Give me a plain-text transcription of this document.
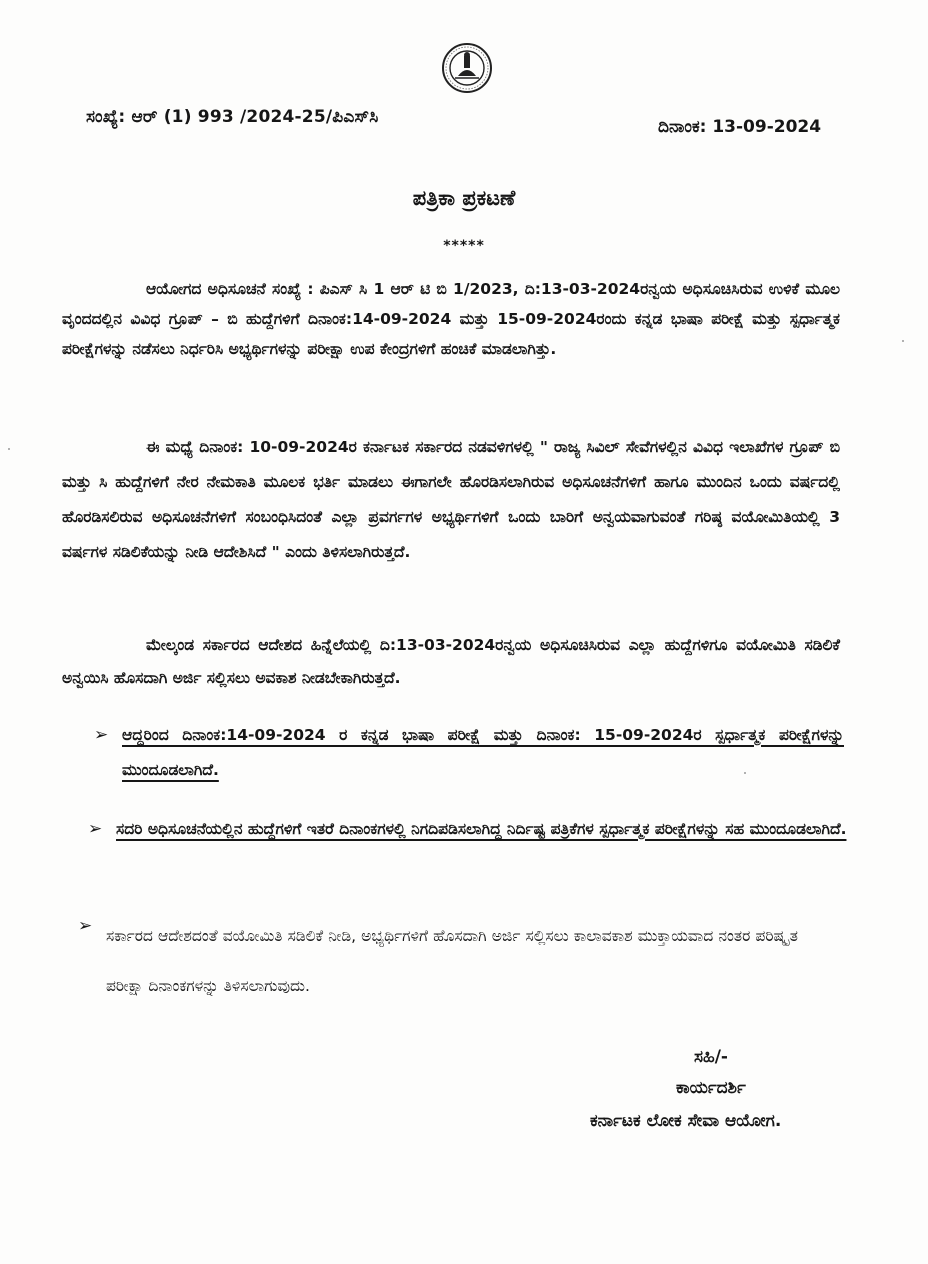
ಸಂಖ್ಯೆ: ಆರ್ (1) 993 /2024-25/ಪಿಎಸ್‌ಸಿ	ದಿನಾಂಕ: 13-09-2024
ಪತ್ರಿಕಾ ಪ್ರಕಟಣೆ
*****
ಆಯೋಗದ ಅಧಿಸೂಚನೆ ಸಂಖ್ಯೆ : ಪಿಎಸ್ ಸಿ 1 ಆರ್ ಟಿ ಬಿ 1/2023, ದಿ:13-03-2024ರನ್ವಯ ಅಧಿಸೂಚಿಸಿರುವ ಉಳಿಕೆ ಮೂಲ ವೃಂದದಲ್ಲಿನ ವಿವಿಧ ಗ್ರೂಪ್ – ಬಿ ಹುದ್ದೆಗಳಿಗೆ ದಿನಾಂಕ:14-09-2024 ಮತ್ತು 15-09-2024ರಂದು ಕನ್ನಡ ಭಾಷಾ ಪರೀಕ್ಷೆ ಮತ್ತು ಸ್ಪರ್ಧಾತ್ಮಕ ಪರೀಕ್ಷೆಗಳನ್ನು ನಡೆಸಲು ನಿರ್ಧರಿಸಿ ಅಭ್ಯರ್ಥಿಗಳನ್ನು ಪರೀಕ್ಷಾ ಉಪ ಕೇಂದ್ರಗಳಿಗೆ ಹಂಚಿಕೆ ಮಾಡಲಾಗಿತ್ತು.
ಈ ಮಧ್ಯೆ ದಿನಾಂಕ: 10-09-2024ರ ಕರ್ನಾಟಕ ಸರ್ಕಾರದ ನಡವಳಿಗಳಲ್ಲಿ " ರಾಜ್ಯ ಸಿವಿಲ್ ಸೇವೆಗಳಲ್ಲಿನ ವಿವಿಧ ಇಲಾಖೆಗಳ ಗ್ರೂಪ್ ಬಿ ಮತ್ತು ಸಿ ಹುದ್ದೆಗಳಿಗೆ ನೇರ ನೇಮಕಾತಿ ಮೂಲಕ ಭರ್ತಿ ಮಾಡಲು ಈಗಾಗಲೇ ಹೊರಡಿಸಲಾಗಿರುವ ಅಧಿಸೂಚನೆಗಳಿಗೆ ಹಾಗೂ ಮುಂದಿನ ಒಂದು ವರ್ಷದಲ್ಲಿ ಹೊರಡಿಸಲಿರುವ ಅಧಿಸೂಚನೆಗಳಿಗೆ ಸಂಬಂಧಿಸಿದಂತೆ ಎಲ್ಲಾ ಪ್ರವರ್ಗಗಳ ಅಭ್ಯರ್ಥಿಗಳಿಗೆ ಒಂದು ಬಾರಿಗೆ ಅನ್ವಯವಾಗುವಂತೆ ಗರಿಷ್ಠ ವಯೋಮಿತಿಯಲ್ಲಿ 3 ವರ್ಷಗಳ ಸಡಿಲಿಕೆಯನ್ನು ನೀಡಿ ಆದೇಶಿಸಿದೆ " ಎಂದು ತಿಳಿಸಲಾಗಿರುತ್ತದೆ.
ಮೇಲ್ಕಂಡ ಸರ್ಕಾರದ ಆದೇಶದ ಹಿನ್ನೆಲೆಯಲ್ಲಿ ದಿ:13-03-2024ರನ್ವಯ ಅಧಿಸೂಚಿಸಿರುವ ಎಲ್ಲಾ ಹುದ್ದೆಗಳಿಗೂ ವಯೋಮಿತಿ ಸಡಿಲಿಕೆ ಅನ್ವಯಿಸಿ ಹೊಸದಾಗಿ ಅರ್ಜಿ ಸಲ್ಲಿಸಲು ಅವಕಾಶ ನೀಡಬೇಕಾಗಿರುತ್ತದೆ.
➢ ಆದ್ದರಿಂದ ದಿನಾಂಕ:14-09-2024 ರ ಕನ್ನಡ ಭಾಷಾ ಪರೀಕ್ಷೆ ಮತ್ತು ದಿನಾಂಕ: 15-09-2024ರ ಸ್ಪರ್ಧಾತ್ಮಕ ಪರೀಕ್ಷೆಗಳನ್ನು ಮುಂದೂಡಲಾಗಿದೆ.
➢ ಸದರಿ ಅಧಿಸೂಚನೆಯಲ್ಲಿನ ಹುದ್ದೆಗಳಿಗೆ ಇತರೆ ದಿನಾಂಕಗಳಲ್ಲಿ ನಿಗದಿಪಡಿಸಲಾಗಿದ್ದ ನಿರ್ದಿಷ್ಟ ಪತ್ರಿಕೆಗಳ ಸ್ಪರ್ಧಾತ್ಮಕ ಪರೀಕ್ಷೆಗಳನ್ನು ಸಹ ಮುಂದೂಡಲಾಗಿದೆ.
➢ ಸರ್ಕಾರದ ಆದೇಶದಂತೆ ವಯೋಮಿತಿ ಸಡಿಲಿಕೆ ನೀಡಿ, ಅಭ್ಯರ್ಥಿಗಳಿಗೆ ಹೊಸದಾಗಿ ಅರ್ಜಿ ಸಲ್ಲಿಸಲು ಕಾಲಾವಕಾಶ ಮುಕ್ತಾಯವಾದ ನಂತರ ಪರಿಷ್ಕೃತ ಪರೀಕ್ಷಾ ದಿನಾಂಕಗಳನ್ನು ತಿಳಿಸಲಾಗುವುದು.
ಸಹಿ/-
ಕಾರ್ಯದರ್ಶಿ
ಕರ್ನಾಟಕ ಲೋಕ ಸೇವಾ ಆಯೋಗ.
